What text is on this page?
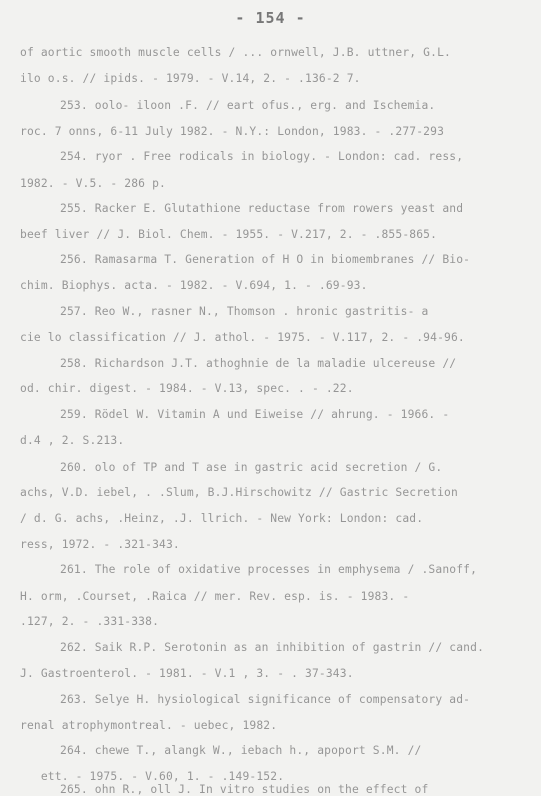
- 154 -
of aortic smooth muscle cells / ... ornwell, J.B. uttner, G.L.
ilo o.s. // ipids. - 1979. - V.14, 2. - .136-2 7.
253. oolo- iloon .F. // eart ofus., erg. and Ischemia.
roc. 7 onns, 6-11 July 1982. - N.Y.: London, 1983. - .277-293
254. ryor . Free rodicals in biology. - London: cad. ress,
1982. - V.5. - 286 p.
255. Racker E. Glutathione reductase from rowers yeast and
beef liver // J. Biol. Chem. - 1955. - V.217, 2. - .855-865.
256. Ramasarma T. Generation of H O in biomembranes // Bio-
chim. Biophys. acta. - 1982. - V.694, 1. - .69-93.
257. Reo W., rasner N., Thomson . hronic gastritis- a
cie lo classification // J. athol. - 1975. - V.117, 2. - .94-96.
258. Richardson J.T. athoghnie de la maladie ulcereuse //
od. chir. digest. - 1984. - V.13, spec. . - .22.
259. Rödel W. Vitamin A und Eiweise // ahrung. - 1966. -
d.4 , 2. S.213.
260. olo of TP and T ase in gastric acid secretion / G.
achs, V.D. iebel, . .Slum, B.J.Hirschowitz // Gastric Secretion
/ d. G. achs, .Heinz, .J. llrich. - New York: London: cad.
ress, 1972. - .321-343.
261. The role of oxidative processes in emphysema / .Sanoff,
H. orm, .Courset, .Raica // mer. Rev. esp. is. - 1983. -
.127, 2. - .331-338.
262. Saik R.P. Serotonin as an inhibition of gastrin // cand.
J. Gastroenterol. - 1981. - V.1 , 3. - . 37-343.
263. Selye H. hysiological significance of compensatory ad-
renal atrophymontreal. - uebec, 1982.
264. chewe T., alangk W., iebach h., apoport S.M. //
ett. - 1975. - V.60, 1. - .149-152.
265. ohn R., oll J. In vitro studies on the effect of
